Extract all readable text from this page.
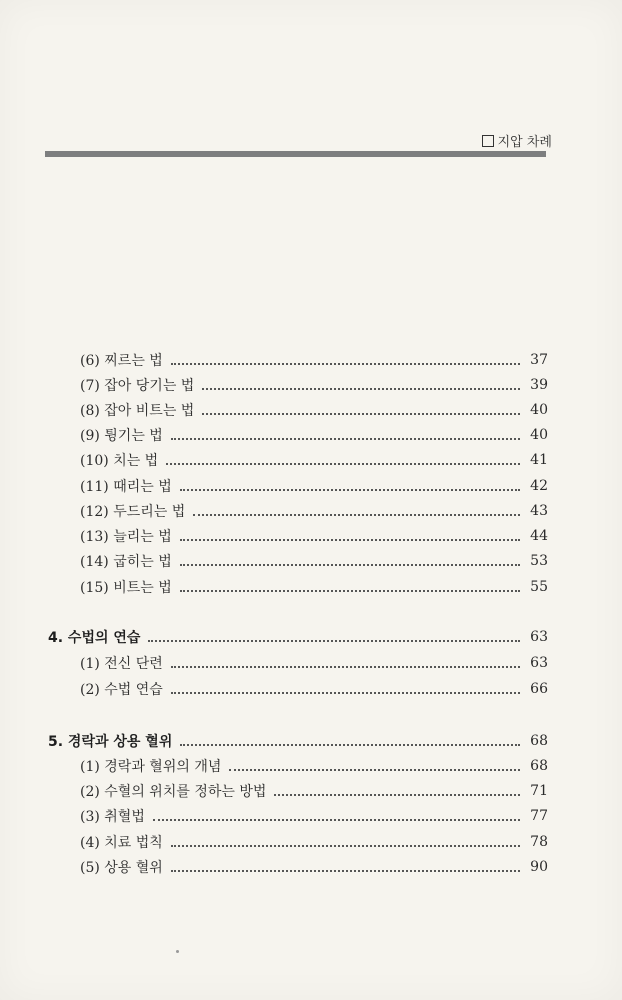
지압 차례
(6) 찌르는 법	37
(7) 잡아 당기는 법	39
(8) 잡아 비트는 법	40
(9) 튕기는 법	40
(10) 치는 법	41
(11) 때리는 법	42
(12) 두드리는 법	43
(13) 늘리는 법	44
(14) 굽히는 법	53
(15) 비트는 법	55
4. 수법의 연습	63
(1) 전신 단련	63
(2) 수법 연습	66
5. 경락과 상용 혈위	68
(1) 경락과 혈위의 개념	68
(2) 수혈의 위치를 정하는 방법	71
(3) 취혈법	77
(4) 치료 법칙	78
(5) 상용 혈위	90
